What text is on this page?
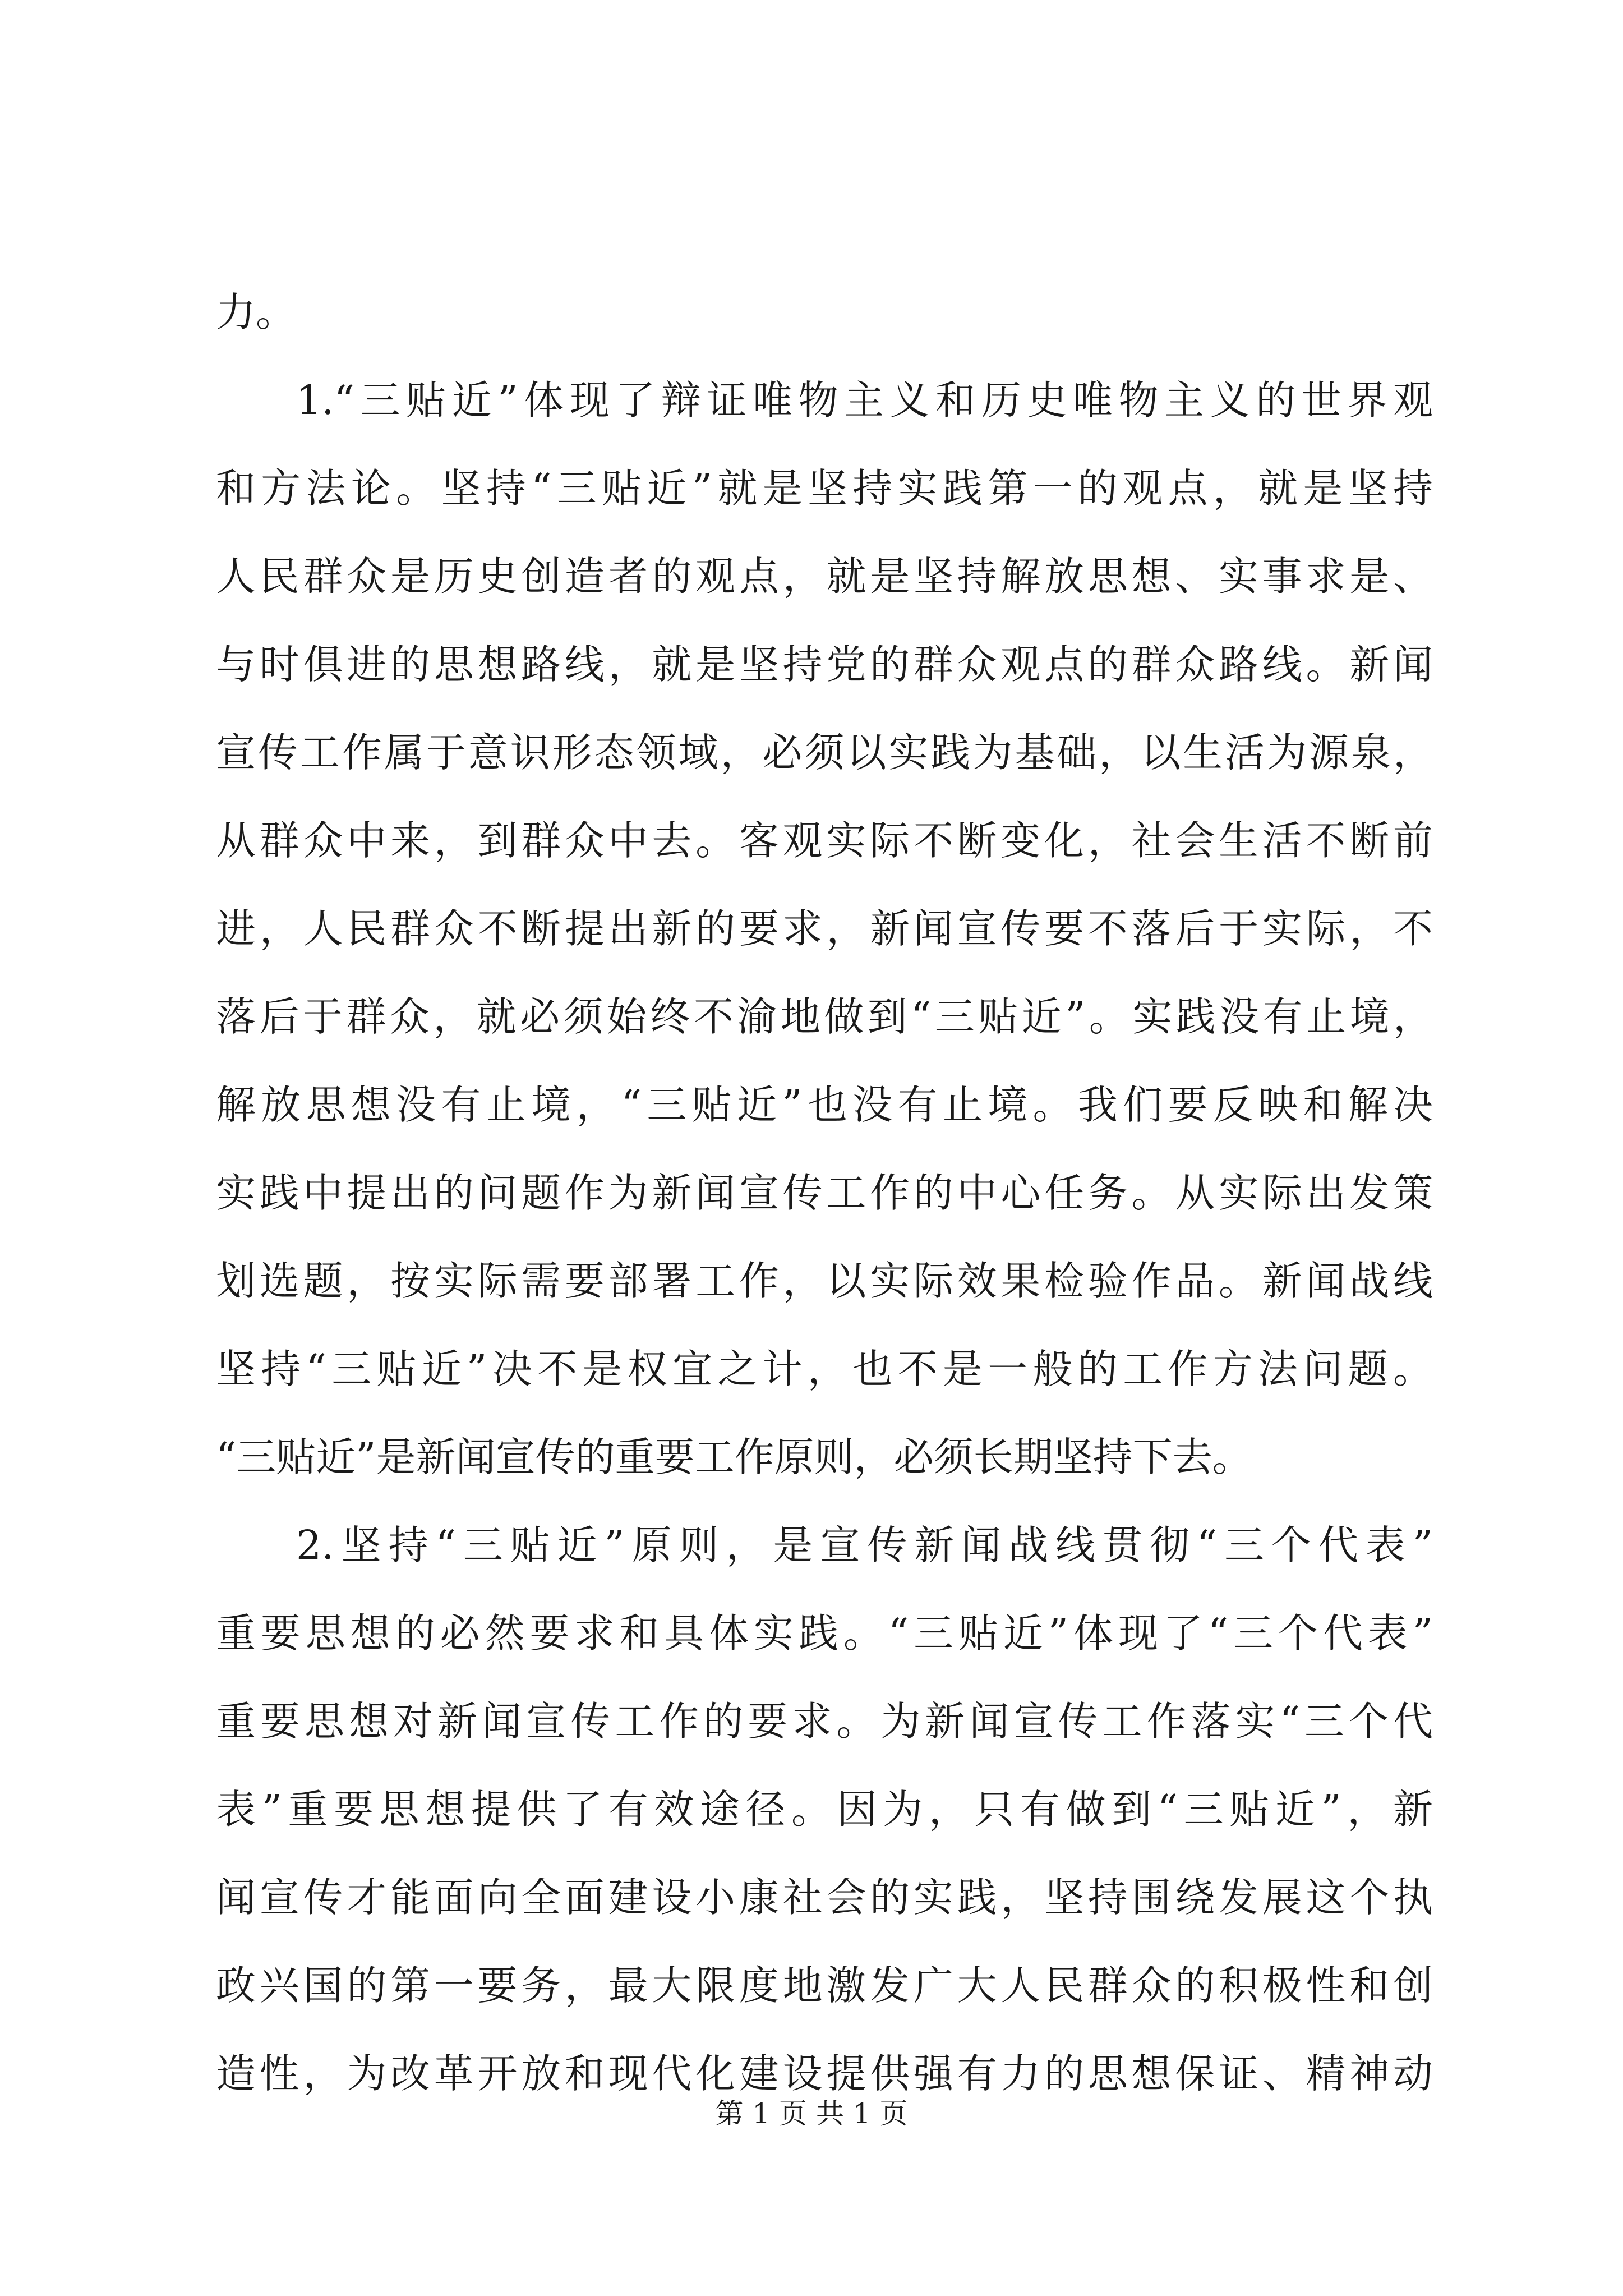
力。
1.“三贴近”体现了辩证唯物主义和历史唯物主义的世界观
和方法论。坚持“三贴近”就是坚持实践第一的观点，就是坚持
人民群众是历史创造者的观点，就是坚持解放思想、实事求是、
与时俱进的思想路线，就是坚持党的群众观点的群众路线。新闻
宣传工作属于意识形态领域，必须以实践为基础，以生活为源泉，
从群众中来，到群众中去。客观实际不断变化，社会生活不断前
进，人民群众不断提出新的要求，新闻宣传要不落后于实际，不
落后于群众，就必须始终不渝地做到“三贴近”。实践没有止境，
解放思想没有止境，“三贴近”也没有止境。我们要反映和解决
实践中提出的问题作为新闻宣传工作的中心任务。从实际出发策
划选题，按实际需要部署工作，以实际效果检验作品。新闻战线
坚持“三贴近”决不是权宜之计，也不是一般的工作方法问题。
“三贴近”是新闻宣传的重要工作原则，必须长期坚持下去。
2.坚持“三贴近”原则，是宣传新闻战线贯彻“三个代表”
重要思想的必然要求和具体实践。“三贴近”体现了“三个代表”
重要思想对新闻宣传工作的要求。为新闻宣传工作落实“三个代
表”重要思想提供了有效途径。因为，只有做到“三贴近”，新
闻宣传才能面向全面建设小康社会的实践，坚持围绕发展这个执
政兴国的第一要务，最大限度地激发广大人民群众的积极性和创
造性，为改革开放和现代化建设提供强有力的思想保证、精神动
第 1 页 共 1 页
